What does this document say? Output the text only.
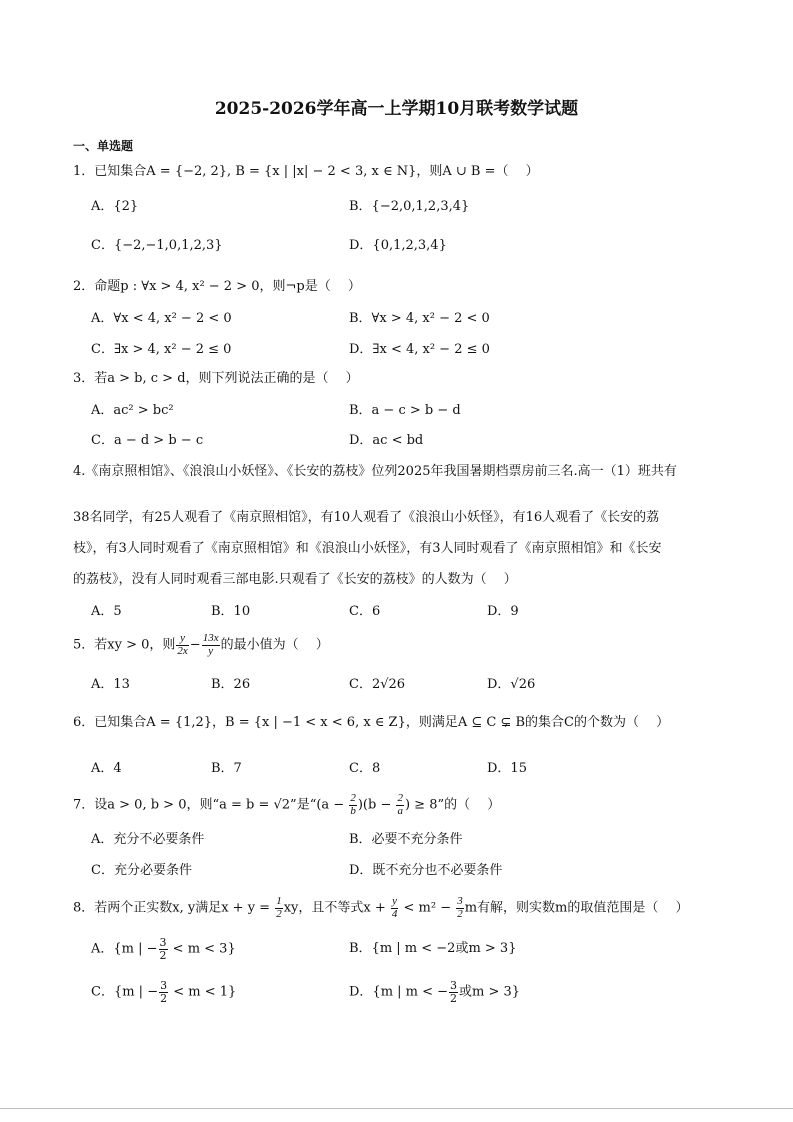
2025-2026学年高一上学期10月联考数学试题
一、单选题
1．已知集合A = {−2, 2}, B = {x | |x| − 2 < 3, x ∈ N}，则A ∪ B =（　 ）
A．{2}	B．{−2,0,1,2,3,4}
C．{−2,−1,0,1,2,3}	D．{0,1,2,3,4}
2．命题p : ∀x > 4, x² − 2 > 0，则¬p是（　 ）
A．∀x < 4, x² − 2 < 0	B．∀x > 4, x² − 2 < 0
C．∃x > 4, x² − 2 ≤ 0	D．∃x < 4, x² − 2 ≤ 0
3．若a > b, c > d，则下列说法正确的是（　 ）
A．ac² > bc²	B．a − c > b − d
C．a − d > b − c	D．ac < bd
4.《南京照相馆》、《浪浪山小妖怪》、《长安的荔枝》位列2025年我国暑期档票房前三名.高一（1）班共有
38名同学，有25人观看了《南京照相馆》，有10人观看了《浪浪山小妖怪》，有16人观看了《长安的荔
枝》，有3人同时观看了《南京照相馆》和《浪浪山小妖怪》，有3人同时观看了《南京照相馆》和《长安
的荔枝》，没有人同时观看三部电影.只观看了《长安的荔枝》的人数为（　 ）
A．5	B．10	C．6	D．9
5．若xy > 0，则 $\frac{y}{2x} - \frac{13x}{y}$ 的最小值为（　 ）
A．13	B．26	C．2√26	D．√26
6．已知集合A = {1,2}，B = {x | −1 < x < 6, x ∈ Z}，则满足A ⊆ C ⊊ B的集合C的个数为（　 ）
A．4	B．7	C．8	D．15
7．设a > 0, b > 0，则“a = b = √2”是“$(a - \frac{2}{b} )(b - \frac{2}{a}$ ) ≥ 8”的（　 ）
A．充分不必要条件	B．必要不充分条件
C．充分必要条件	D．既不充分也不必要条件
8．若两个正实数x, y满足$x + y = \frac{1}{2}$ xy，且不等式$x + \frac{y}{4} < m^2 - \frac{3}{2}$ m有解，则实数m的取值范围是（　 ）
A．{m | − $\frac{3}{2} < m < 3$}	B．{m | m < −2或m > 3}
C．{m | − $\frac{3}{2} < m < 1$}	D．{m | m < − $\frac{3}{2}$ 或m > 3}
